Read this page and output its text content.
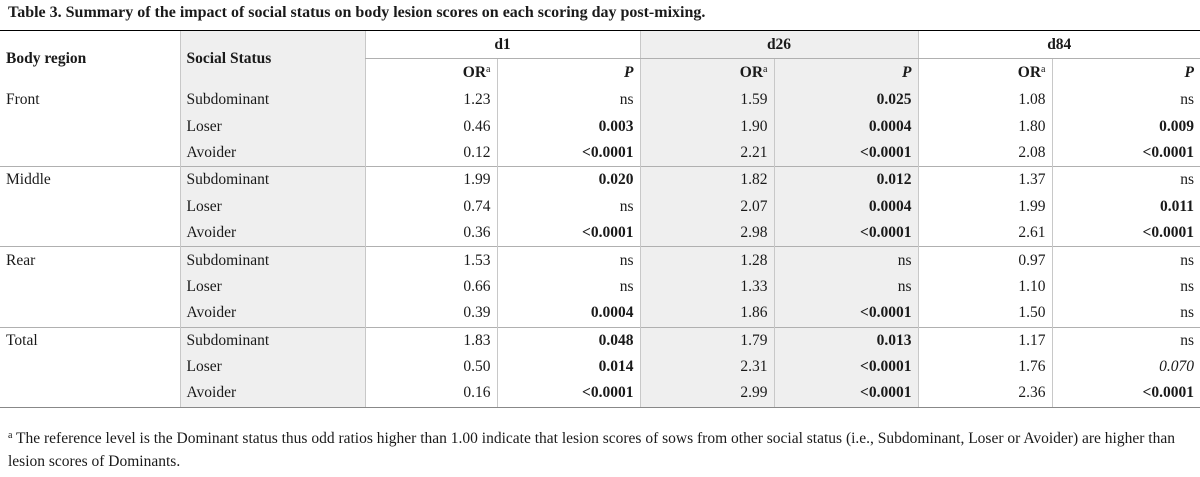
Table 3. Summary of the impact of social status on body lesion scores on each scoring day post-mixing.
Body region	Social Status	d1		d26		d84	
		$OR^a$	P	$OR^a$	P	$OR^a$	P
Front	Subdominant	1.23	ns	1.59	0.025	1.08	ns
	Loser	0.46	0.003	1.90	0.0004	1.80	0.009
	Avoider	0.12	<0.0001	2.21	<0.0001	2.08	<0.0001
Middle	Subdominant	1.99	0.020	1.82	0.012	1.37	ns
	Loser	0.74	ns	2.07	0.0004	1.99	0.011
	Avoider	0.36	<0.0001	2.98	<0.0001	2.61	<0.0001
Rear	Subdominant	1.53	ns	1.28	ns	0.97	ns
	Loser	0.66	ns	1.33	ns	1.10	ns
	Avoider	0.39	0.0004	1.86	<0.0001	1.50	ns
Total	Subdominant	1.83	0.048	1.79	0.013	1.17	ns
	Loser	0.50	0.014	2.31	<0.0001	1.76	0.070
	Avoider	0.16	<0.0001	2.99	<0.0001	2.36	<0.0001
$^a$ The reference level is the Dominant status thus odd ratios higher than 1.00 indicate that lesion scores of sows from other social status (i.e., Subdominant, Loser or Avoider) are higher than lesion scores of Dominants.
